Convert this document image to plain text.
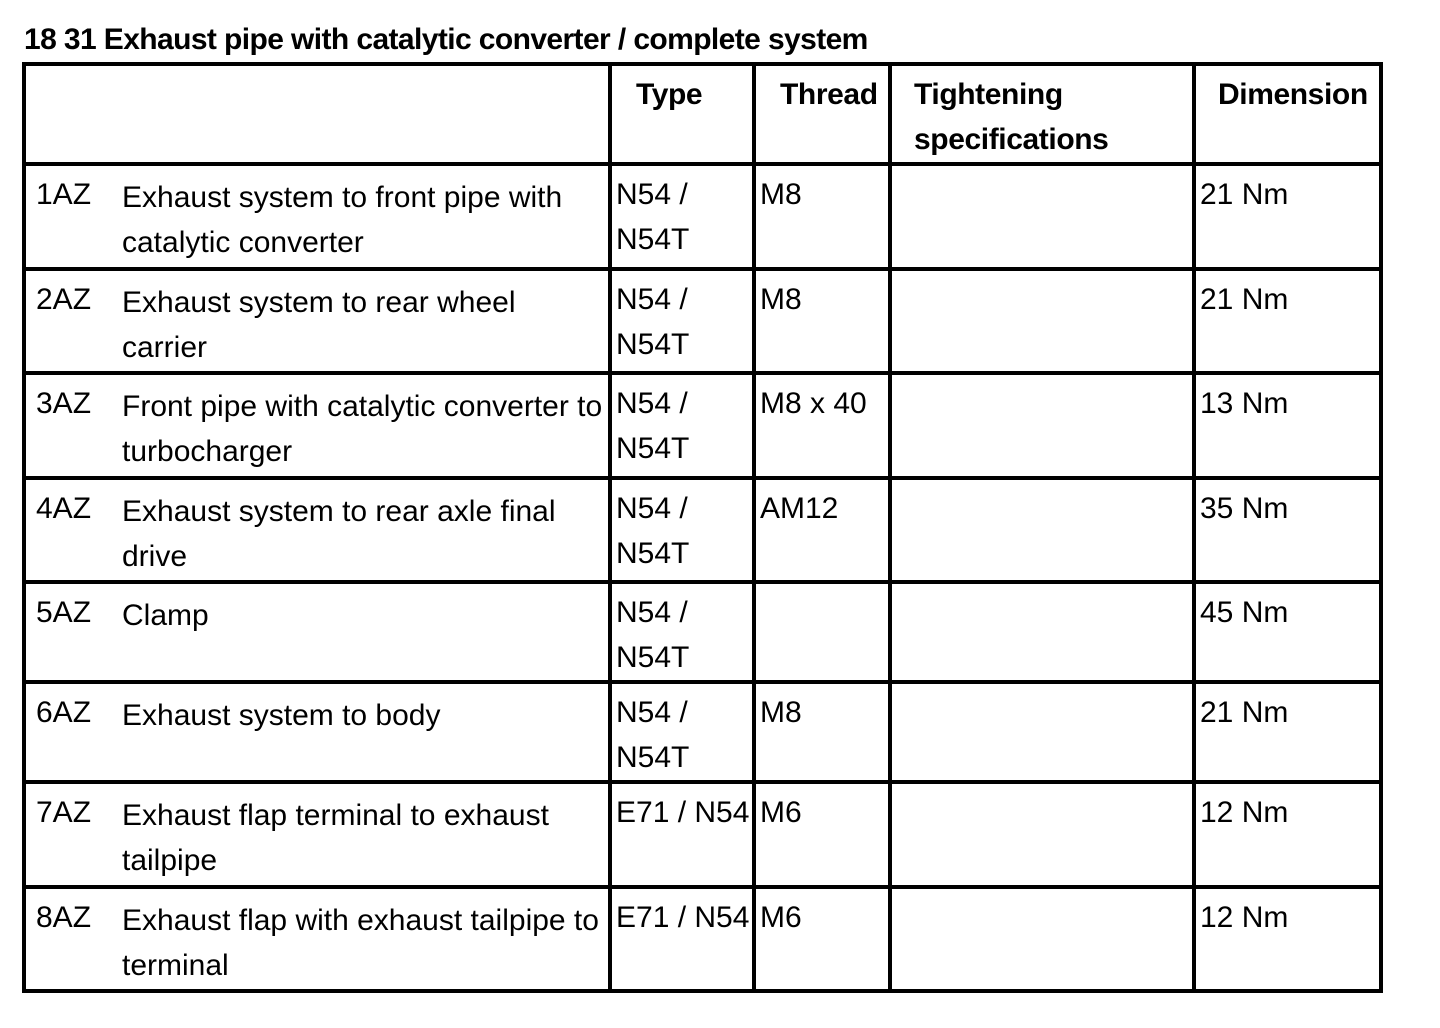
18 31 Exhaust pipe with catalytic converter / complete system
	Type	Thread	Tightening specifications	Dimension

1AZ Exhaust system to front pipe with catalytic converter	N54 / N54T	M8		21 Nm

2AZ Exhaust system to rear wheel carrier	N54 / N54T	M8		21 Nm

3AZ Front pipe with catalytic converter to turbocharger	N54 / N54T	M8 x 40		13 Nm

4AZ Exhaust system to rear axle final drive	N54 / N54T	AM12		35 Nm

5AZ Clamp	N54 / N54T			45 Nm

6AZ Exhaust system to body	N54 / N54T	M8		21 Nm

7AZ Exhaust flap terminal to exhaust tailpipe	E71 / N54	M6		12 Nm

8AZ Exhaust flap with exhaust tailpipe to terminal	E71 / N54	M6		12 Nm
